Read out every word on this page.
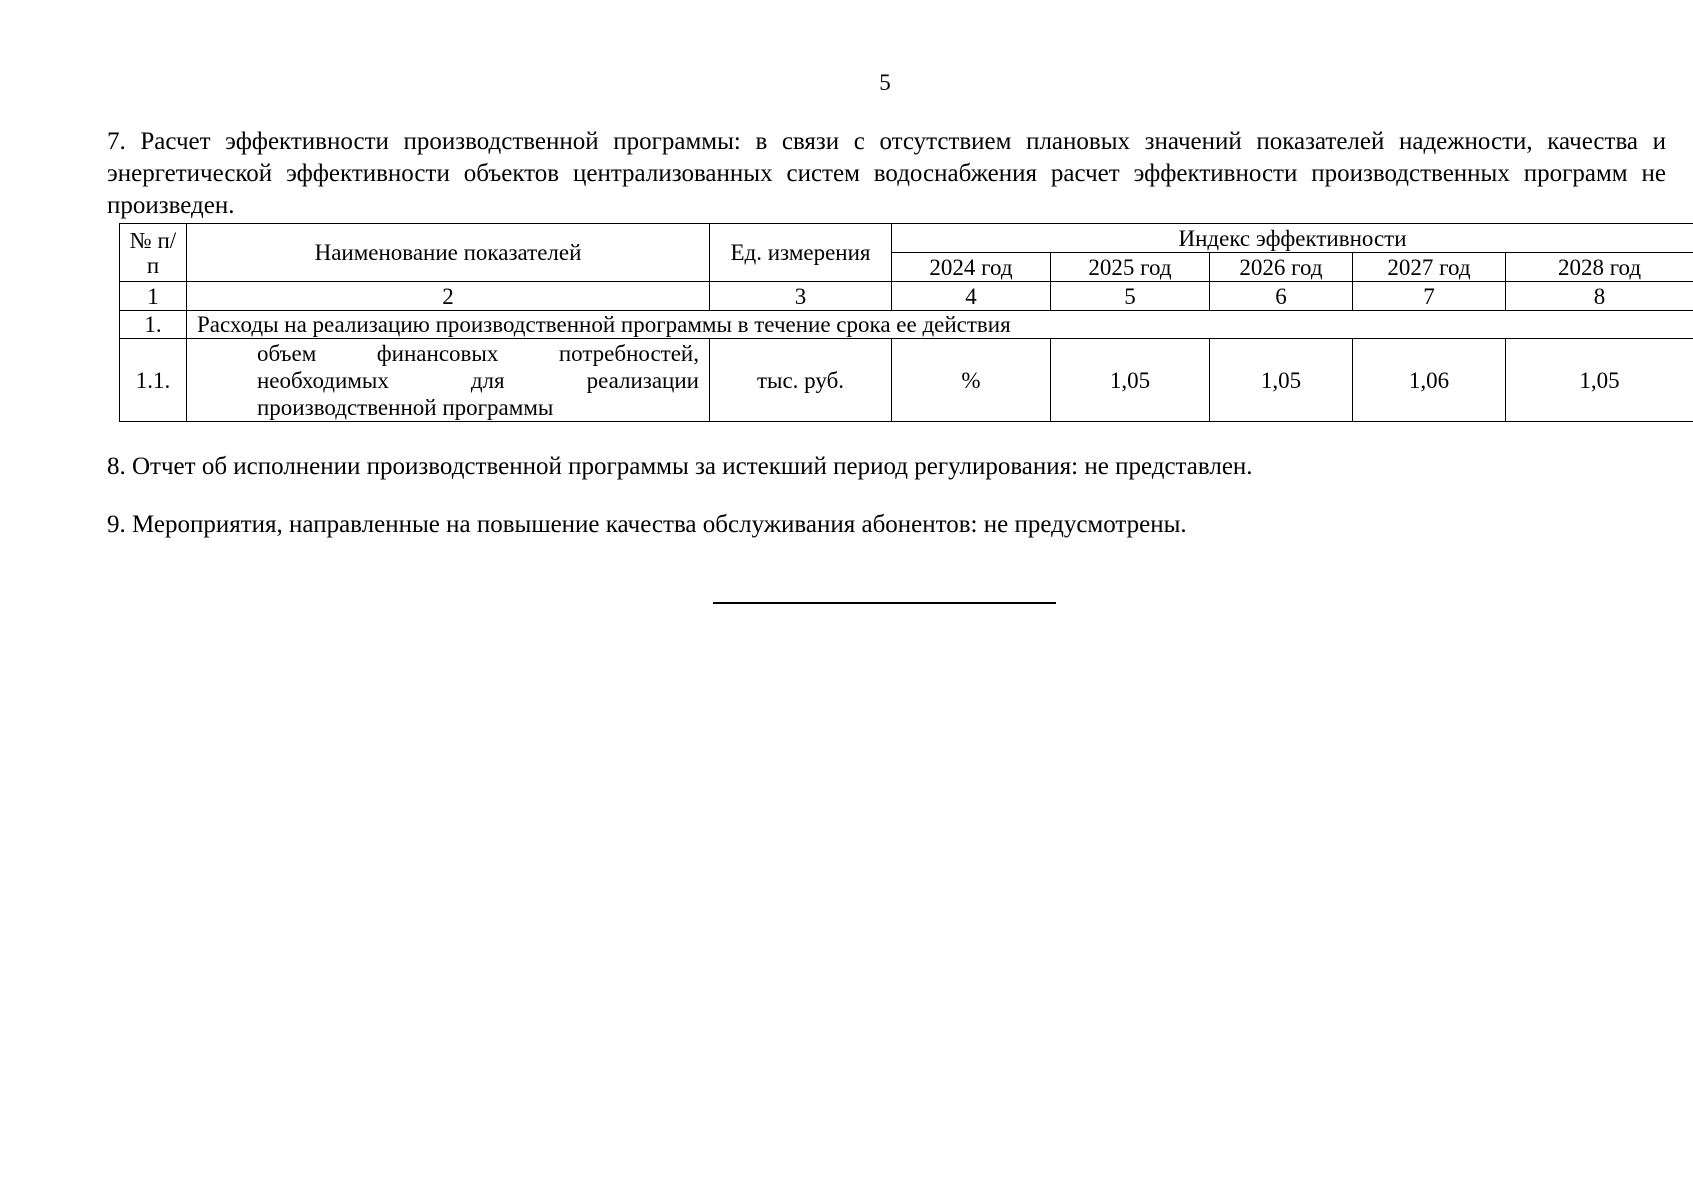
5
7. Расчет эффективности производственной программы: в связи с отсутствием плановых значений показателей надежности, качества и энергетической эффективности объектов централизованных систем водоснабжения расчет эффективности производственных программ не произведен.
№ п/п	Наименование показателей	Ед. измерения	Индекс эффективности				
			2024 год	2025 год	2026 год	2027 год	2028 год
1	2	3	4	5	6	7	8
1.	Расходы на реализацию производственной программы в течение срока ее действия						
1.1.	объем финансовых потребностей, необходимых для реализации производственной программы	тыс. руб.	%	1,05	1,05	1,06	1,05
8. Отчет об исполнении производственной программы за истекший период регулирования: не представлен.
9. Мероприятия, направленные на повышение качества обслуживания абонентов: не предусмотрены.
